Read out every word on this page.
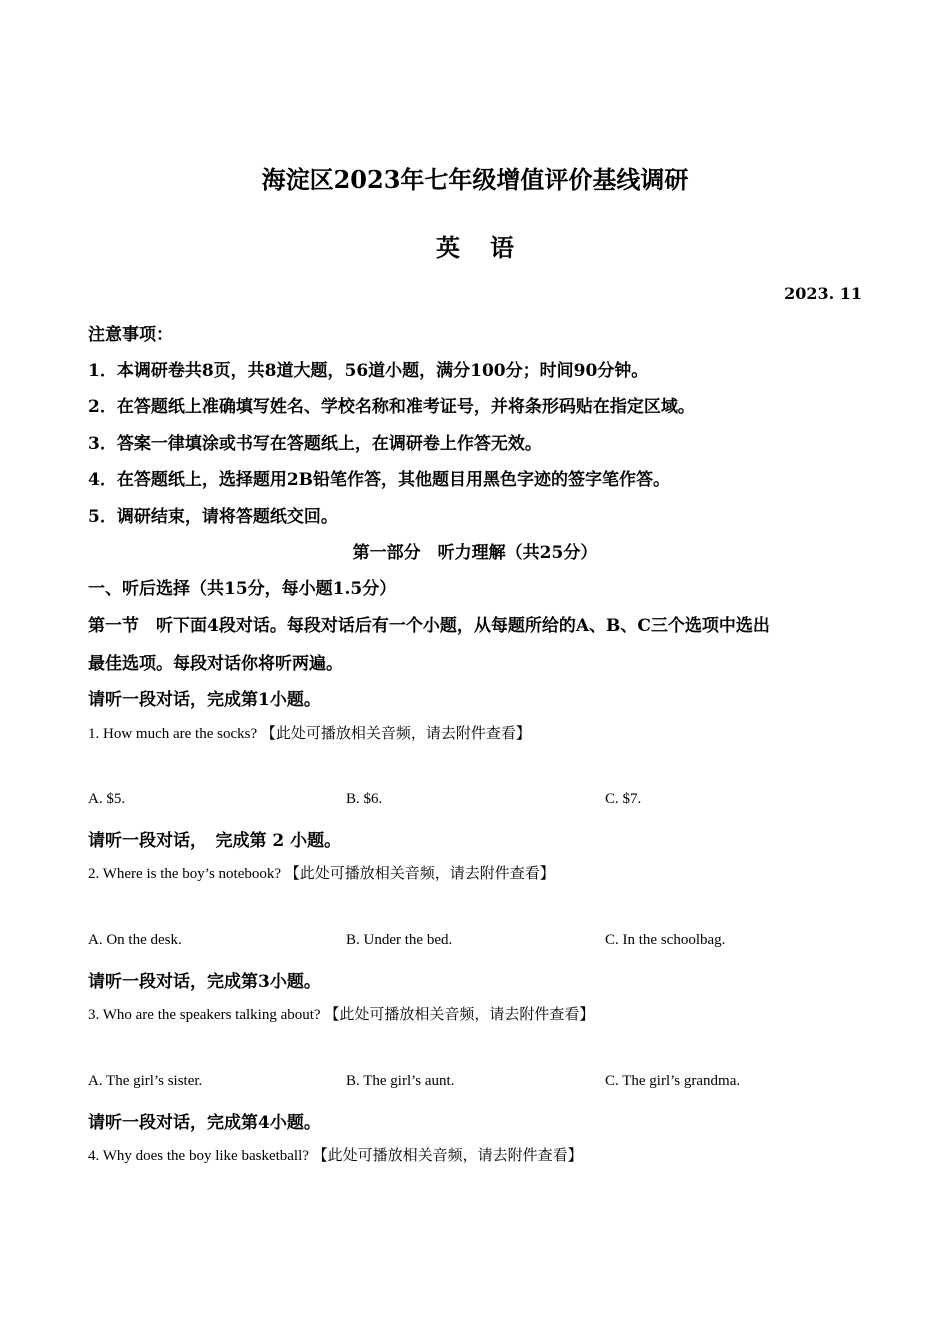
海淀区2023年七年级增值评价基线调研
英语
2023. 11
注意事项：
1．本调研卷共8页，共8道大题，56道小题，满分100分；时间90分钟。
2．在答题纸上准确填写姓名、学校名称和准考证号，并将条形码贴在指定区域。
3．答案一律填涂或书写在答题纸上，在调研卷上作答无效。
4．在答题纸上，选择题用2B铅笔作答，其他题目用黑色字迹的签字笔作答。
5．调研结束，请将答题纸交回。
第一部分　听力理解（共25分）
一、听后选择（共15分，每小题1.5分）
第一节　听下面4段对话。每段对话后有一个小题，从每题所给的A、B、C三个选项中选出
最佳选项。每段对话你将听两遍。
请听一段对话，完成第1小题。
1. How much are the socks? 【此处可播放相关音频，请去附件查看】
A. $5.	B. $6.	C. $7.
请听一段对话，　完成第 2 小题。
2. Where is the boy’s notebook? 【此处可播放相关音频，请去附件查看】
A. On the desk.	B. Under the bed.	C. In the schoolbag.
请听一段对话，完成第3小题。
3. Who are the speakers talking about? 【此处可播放相关音频，请去附件查看】
A. The girl’s sister.	B. The girl’s aunt.	C. The girl’s grandma.
请听一段对话，完成第4小题。
4. Why does the boy like basketball? 【此处可播放相关音频，请去附件查看】
